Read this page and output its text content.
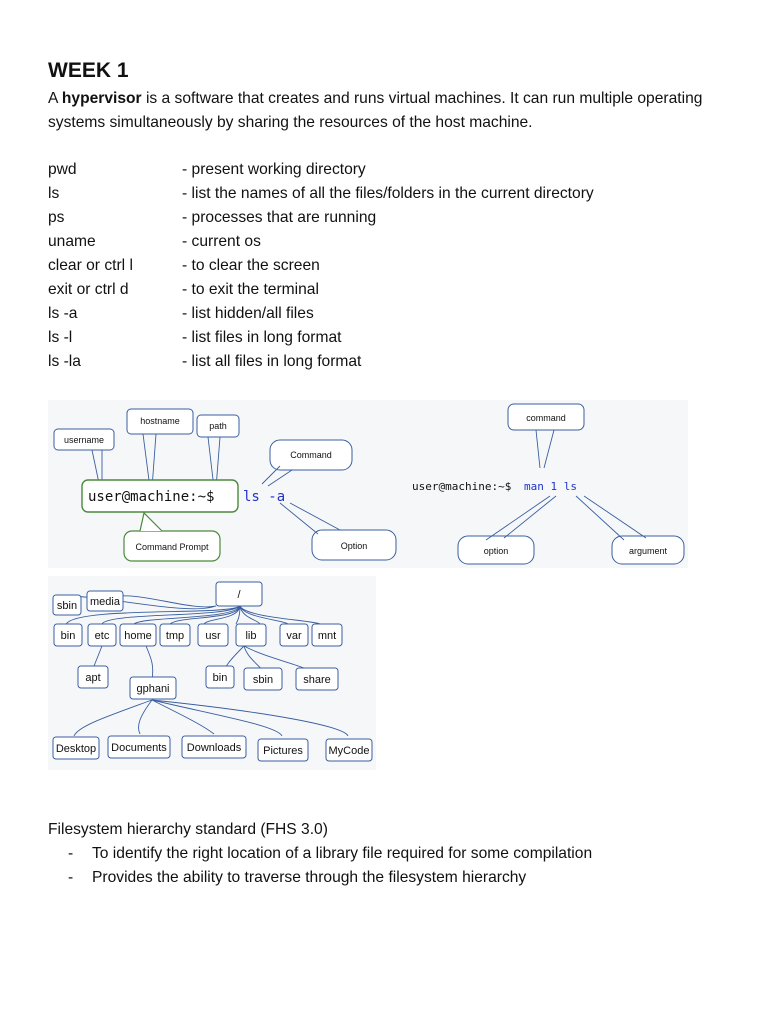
WEEK 1
A hypervisor is a software that creates and runs virtual machines. It can run multiple operating systems simultaneously by sharing the resources of the host machine.
pwd	- present working directory
ls	- list the names of all the files/folders in the current directory
ps	- processes that are running
uname	- current os
clear or ctrl l	- to clear the screen
exit or ctrl d	- to exit the terminal
ls -a	- list hidden/all files
ls -l	- list files in long format
ls -la	- list all files in long format
username
hostname	path
Command
user@machine:~$ ls -a
Command Prompt	Option
command
user@machine:~$ man 1 ls
option	argument
/
sbin media
bin etc home tmp usr lib	var mnt
apt
gphani
bin sbin	share
Desktop Documents Downloads Pictures MyCode
Filesystem hierarchy standard (FHS 3.0)
- To identify the right location of a library file required for some compilation
- Provides the ability to traverse through the filesystem hierarchy
